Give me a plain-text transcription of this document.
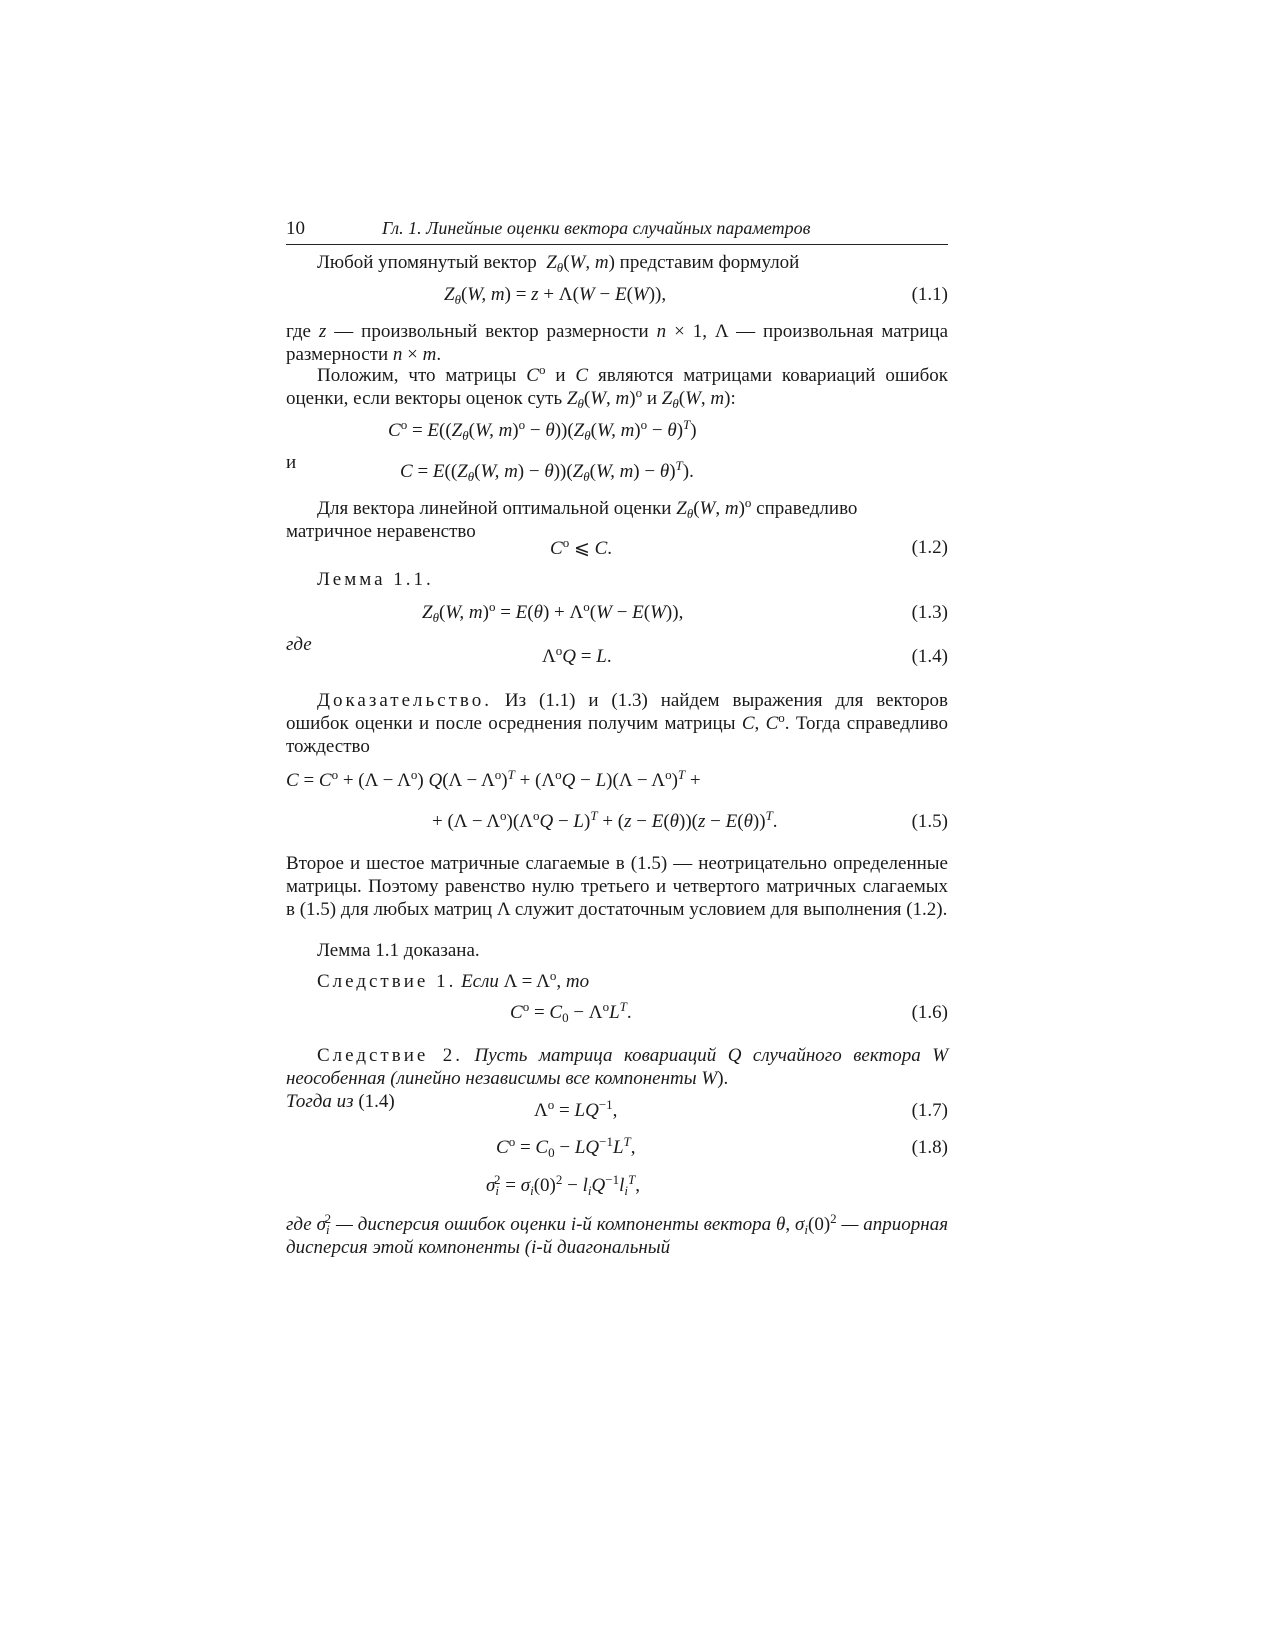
10	Гл. 1. Линейные оценки вектора случайных параметров
Любой упомянутый вектор $Z_\theta(W$, m) представим формулой
$Z_\theta(W$, m) = z + Λ(W − E(W)),	(1.1)
где z — произвольный вектор размерности n × 1, Λ — произвольная матрица размерности n × m.
Положим, что матрицы $C^o$ и C являются матрицами ковариаций ошибок оценки, если векторы оценок суть $Z_\theta(W$, m)$^o$ и $Z_\theta(W$, m):
$C^o = E((Z_\theta(W$, $m)^o - \theta))(Z_\theta(W$, m)$^o$ − θ)$^T$)
и	$C = E((Z_\theta(W$, $m) - \theta))(Z_\theta(W$, m) − θ)$^T$).
Для вектора линейной оптимальной оценки $Z_\theta(W$, m)$^o$ справедливо матричное неравенство
$C^o$ ⩽ C.	(1.2)
Лемма 1.1.
$Z_\theta(W$, $m)^o = E(\theta) + \Lambda^o(W - E(W))$,	(1.3)
где
$\Lambda^oQ = L$.	(1.4)
Доказательство. Из (1.1) и (1.3) найдем выражения для векторов ошибок оценки и после осреднения получим матрицы C, $C^o$. Тогда справедливо тождество
$C = C^o + (\Lambda - \Lambda^o) Q(\Lambda - \Lambda^o)^T + (\Lambda^oQ - L)(\Lambda - \Lambda^o)^T$ +
+ $(\Lambda - \Lambda^o)(\Lambda^oQ - L)^T + (z - E(\theta))(z - E(\theta))^T$.	(1.5)
Второе и шестое матричные слагаемые в (1.5) — неотрицательно определенные матрицы. Поэтому равенство нулю третьего и четвертого матричных слагаемых в (1.5) для любых матриц Λ служит достаточным условием для выполнения (1.2).
Лемма 1.1 доказана.
Следствие 1. Если $\Lambda = \Lambda^o$, то
$C^o = C_0 - \Lambda^oL^T$.	(1.6)
Следствие 2. Пусть матрица ковариаций Q случайного вектора W неособенная (линейно независимы все компоненты W).
Тогда из (1.4)	$\Lambda^o = LQ^{-1}$,	(1.7)
$C^o = C_0 - LQ^{-1}L^T$,	(1.8)
$\sigma_i^2 = \sigma_i(0)^2 - l_iQ^{-1}l_i^T$,
где $\sigma_i^2$ — дисперсия ошибок оценки i-й компоненты вектора θ, $\sigma_i(0)^2$ — априорная дисперсия этой компоненты (i-й диагональный
